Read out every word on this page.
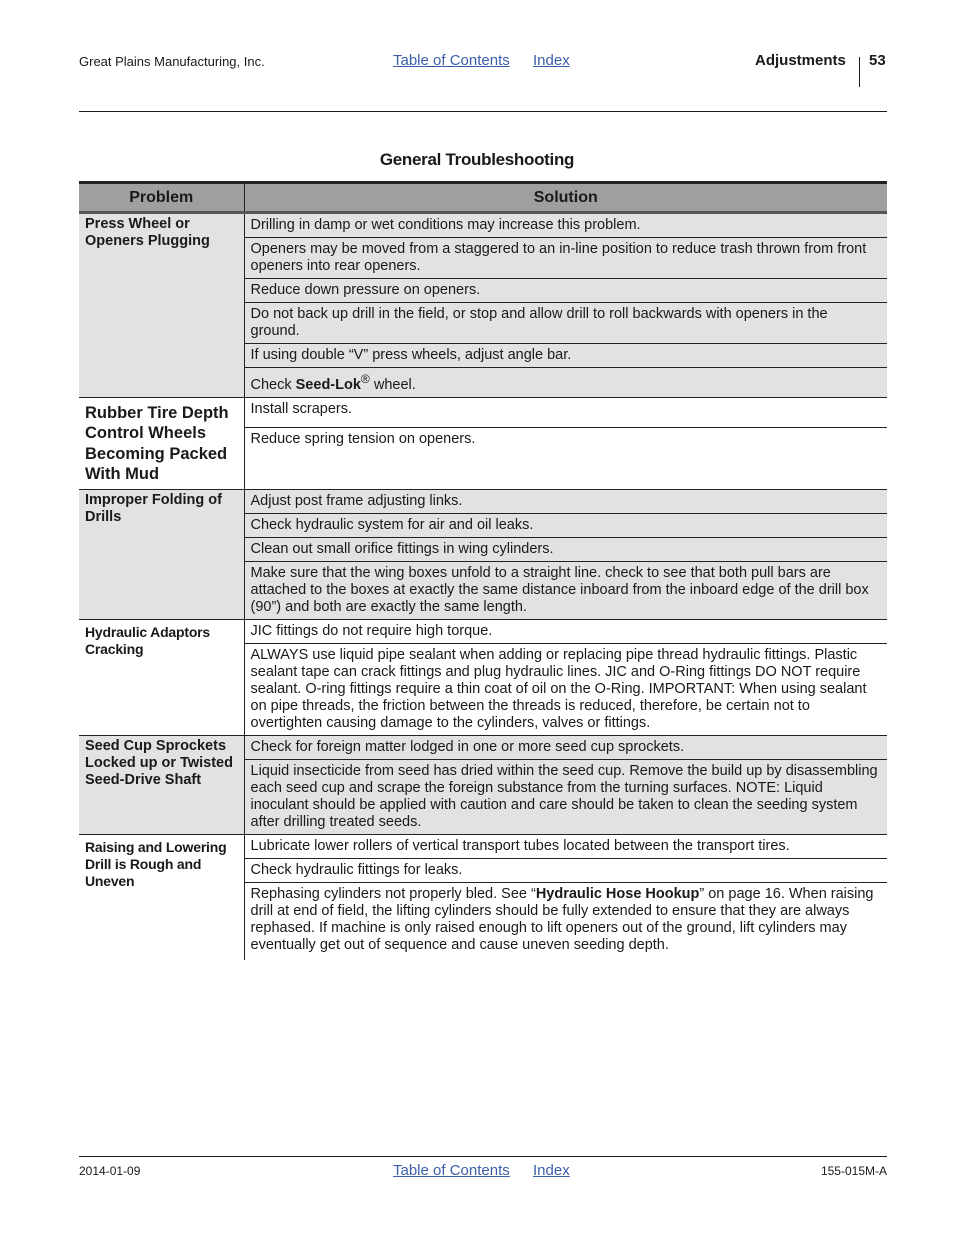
Great Plains Manufacturing, Inc.	Table of Contents Index	Adjustments 53
General Troubleshooting
Problem	Solution
Press Wheel or Openers Plugging	Drilling in damp or wet conditions may increase this problem.
	Openers may be moved from a staggered to an in-line position to reduce trash thrown from front openers into rear openers.
	Reduce down pressure on openers.
	Do not back up drill in the field, or stop and allow drill to roll backwards with openers in the ground.
	If using double “V” press wheels, adjust angle bar.
	Check Seed-Lok® wheel.
Rubber Tire Depth Control Wheels Becoming Packed With Mud	Install scrapers.
	Reduce spring tension on openers.
Improper Folding of Drills	Adjust post frame adjusting links.
	Check hydraulic system for air and oil leaks.
	Clean out small orifice fittings in wing cylinders.
	Make sure that the wing boxes unfold to a straight line. check to see that both pull bars are attached to the boxes at exactly the same distance inboard from the inboard edge of the drill box (90”) and both are exactly the same length.
Hydraulic Adaptors Cracking	JIC fittings do not require high torque.
	ALWAYS use liquid pipe sealant when adding or replacing pipe thread hydraulic fittings. Plastic sealant tape can crack fittings and plug hydraulic lines. JIC and O-Ring fittings DO NOT require sealant. O-ring fittings require a thin coat of oil on the O-Ring. IMPORTANT: When using sealant on pipe threads, the friction between the threads is reduced, therefore, be certain not to overtighten causing damage to the cylinders, valves or fittings.
Seed Cup Sprockets Locked up or Twisted Seed-Drive Shaft	Check for foreign matter lodged in one or more seed cup sprockets.
	Liquid insecticide from seed has dried within the seed cup. Remove the build up by disassembling each seed cup and scrape the foreign substance from the turning surfaces. NOTE: Liquid inoculant should be applied with caution and care should be taken to clean the seeding system after drilling treated seeds.
Raising and Lowering Drill is Rough and Uneven	Lubricate lower rollers of vertical transport tubes located between the transport tires.
	Check hydraulic fittings for leaks.
	Rephasing cylinders not properly bled. See “Hydraulic Hose Hookup” on page 16. When raising drill at end of field, the lifting cylinders should be fully extended to ensure that they are always rephased. If machine is only raised enough to lift openers out of the ground, lift cylinders may eventually get out of sequence and cause uneven seeding depth.
2014-01-09	Table of Contents Index	155-015M-A
